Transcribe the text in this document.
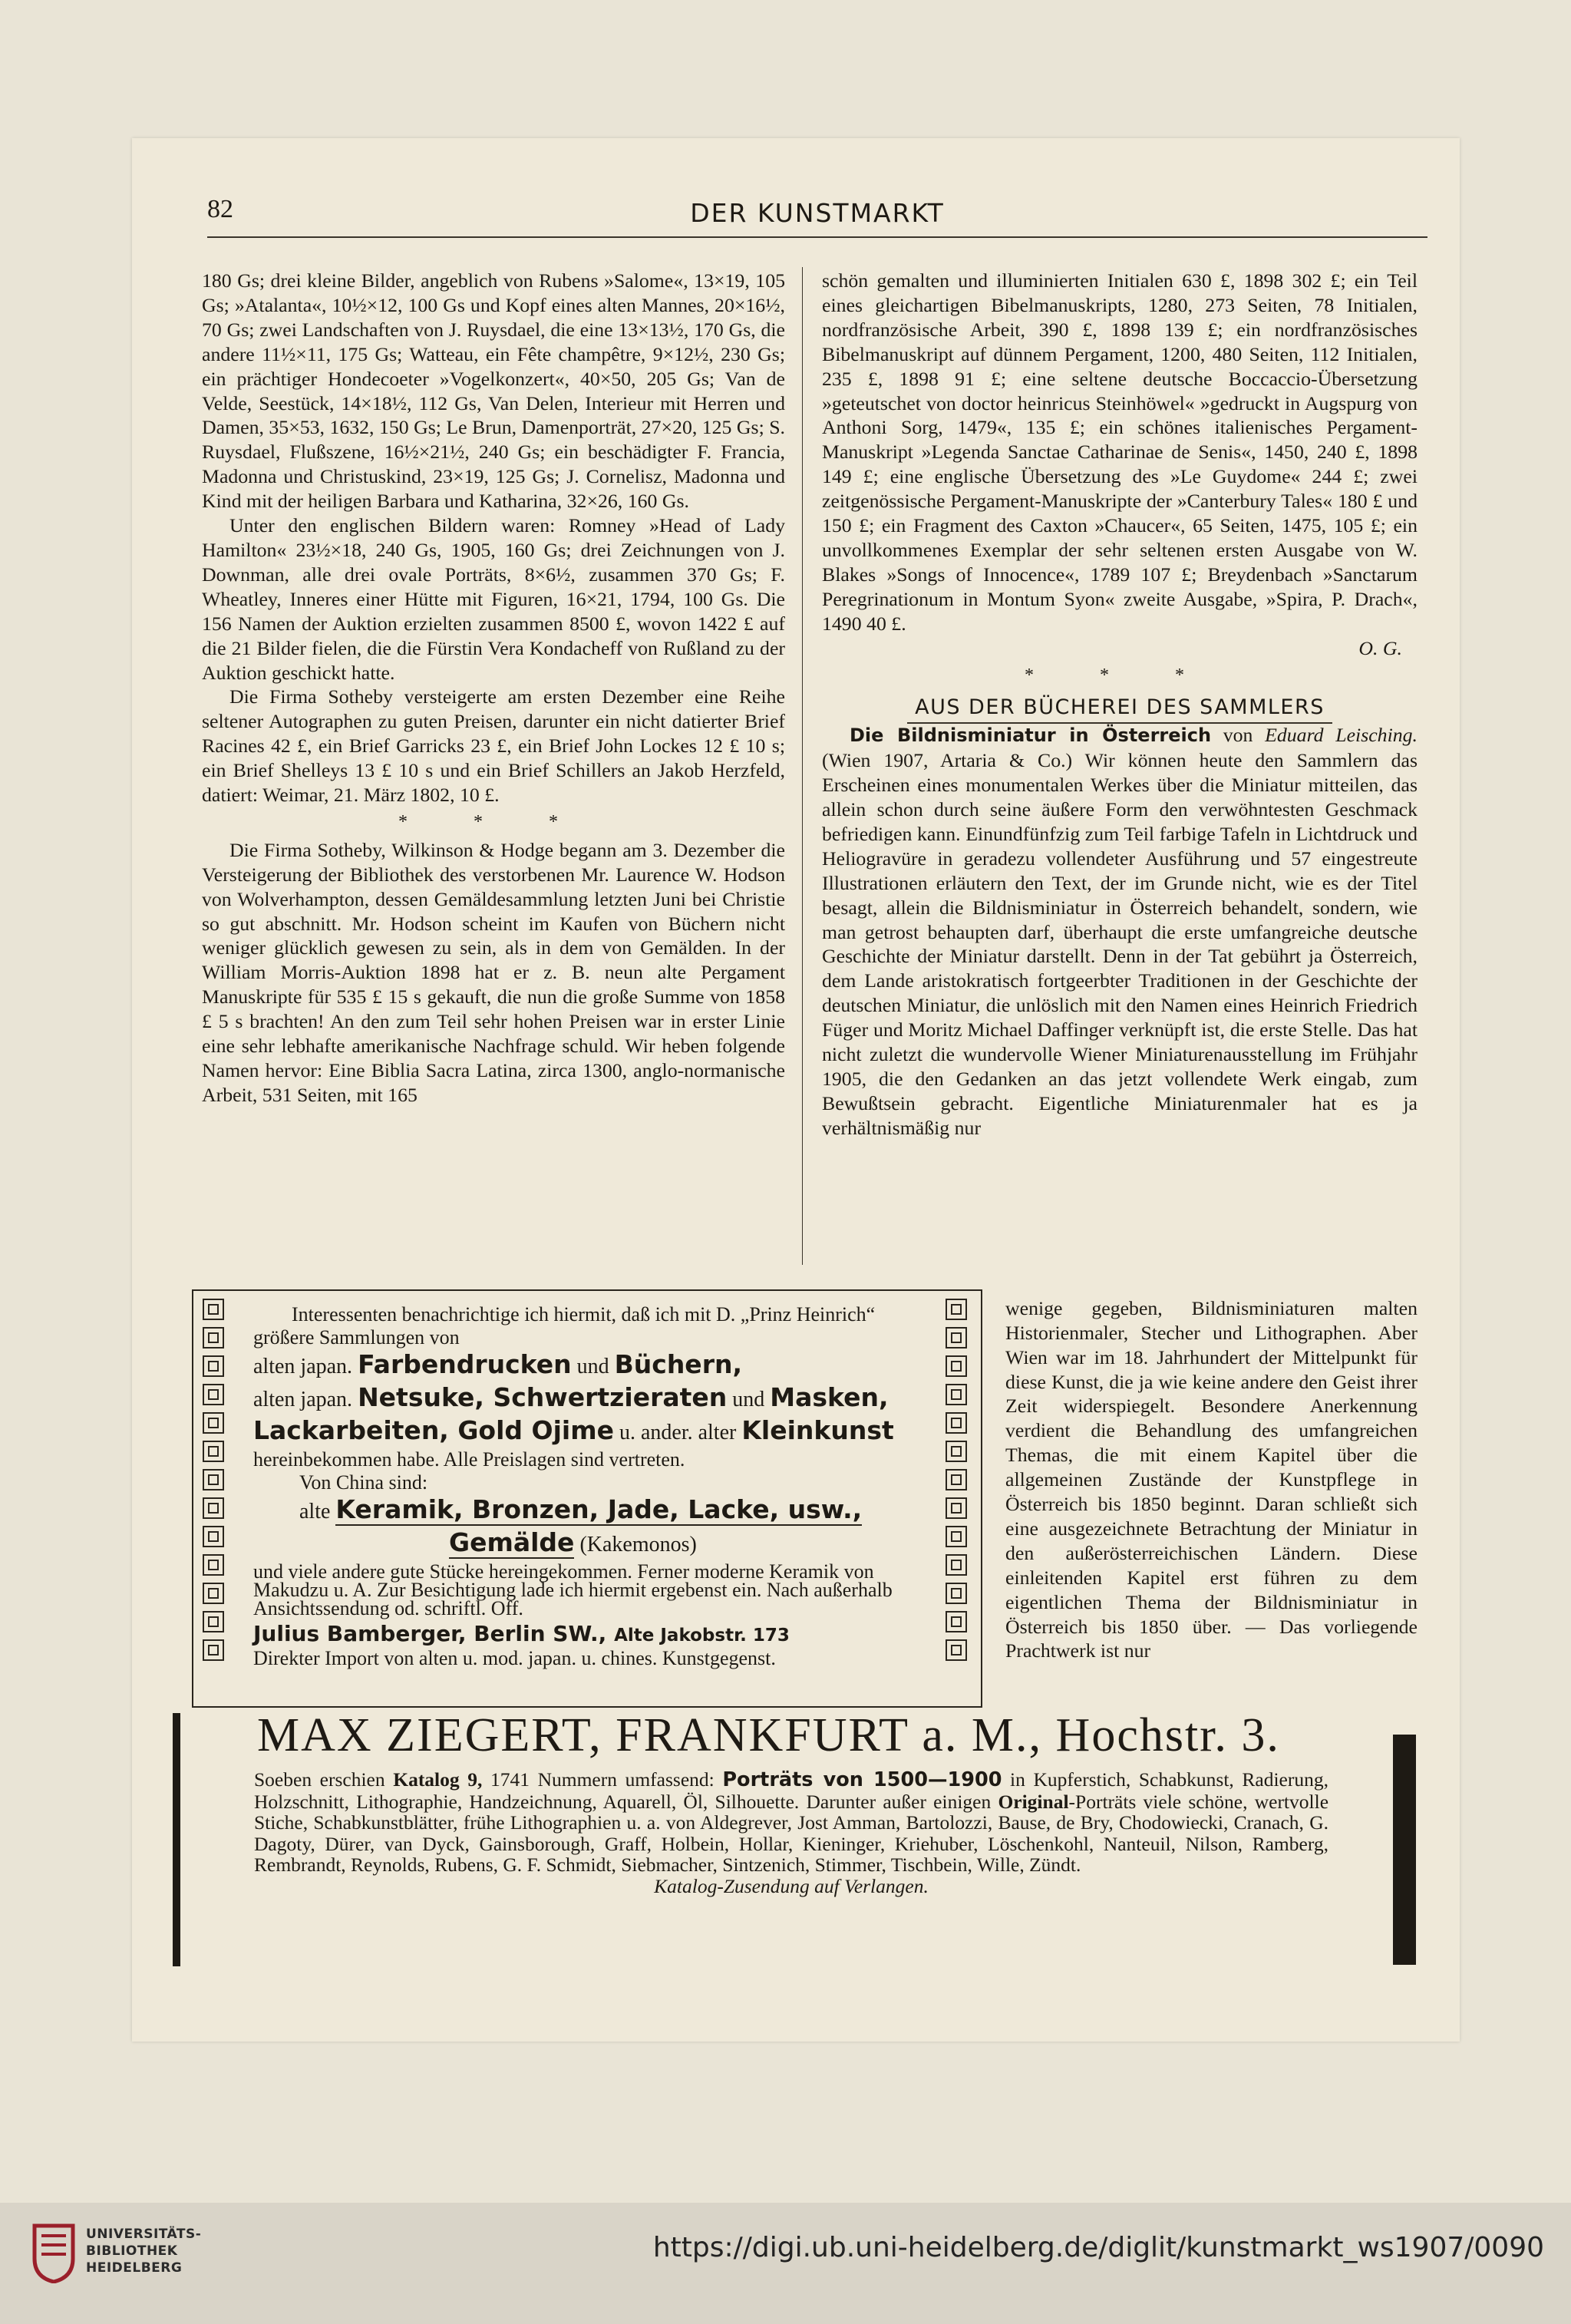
82	DER KUNSTMARKT

180 Gs; drei kleine Bilder, angeblich von Rubens »Salome«, 13×19, 105 Gs; »Atalanta«, 10½×12, 100 Gs und Kopf eines alten Mannes, 20×16½, 70 Gs; zwei Landschaften von J. Ruysdael, die eine 13×13½, 170 Gs, die andere 11½×11, 175 Gs; Watteau, ein Fête champêtre, 9×12½, 230 Gs; ein prächtiger Hondecoeter »Vogelkonzert«, 40×50, 205 Gs; Van de Velde, Seestück, 14×18½, 112 Gs, Van Delen, Interieur mit Herren und Damen, 35×53, 1632, 150 Gs; Le Brun, Damenporträt, 27×20, 125 Gs; S. Ruysdael, Flußszene, 16½×21½, 240 Gs; ein beschädigter F. Francia, Madonna und Christuskind, 23×19, 125 Gs; J. Cornelisz, Madonna und Kind mit der heiligen Barbara und Katharina, 32×26, 160 Gs.

Unter den englischen Bildern waren: Romney »Head of Lady Hamilton« 23½×18, 240 Gs, 1905, 160 Gs; drei Zeichnungen von J. Downman, alle drei ovale Porträts, 8×6½, zusammen 370 Gs; F. Wheatley, Inneres einer Hütte mit Figuren, 16×21, 1794, 100 Gs. Die 156 Namen der Auktion erzielten zusammen 8500 £, wovon 1422 £ auf die 21 Bilder fielen, die die Fürstin Vera Kondacheff von Rußland zu der Auktion geschickt hatte.

Die Firma Sotheby versteigerte am ersten Dezember eine Reihe seltener Autographen zu guten Preisen, darunter ein nicht datierter Brief Racines 42 £, ein Brief Garricks 23 £, ein Brief John Lockes 12 £ 10 s; ein Brief Shelleys 13 £ 10 s und ein Brief Schillers an Jakob Herzfeld, datiert: Weimar, 21. März 1802, 10 £.

* * *

Die Firma Sotheby, Wilkinson & Hodge begann am 3. Dezember die Versteigerung der Bibliothek des verstorbenen Mr. Laurence W. Hodson von Wolverhampton, dessen Gemäldesammlung letzten Juni bei Christie so gut abschnitt. Mr. Hodson scheint im Kaufen von Büchern nicht weniger glücklich gewesen zu sein, als in dem von Gemälden. In der William Morris-Auktion 1898 hat er z. B. neun alte Pergament Manuskripte für 535 £ 15 s gekauft, die nun die große Summe von 1858 £ 5 s brachten! An den zum Teil sehr hohen Preisen war in erster Linie eine sehr lebhafte amerikanische Nachfrage schuld. Wir heben folgende Namen hervor: Eine Biblia Sacra Latina, zirca 1300, anglo-normanische Arbeit, 531 Seiten, mit 165

schön gemalten und illuminierten Initialen 630 £, 1898 302 £; ein Teil eines gleichartigen Bibelmanuskripts, 1280, 273 Seiten, 78 Initialen, nordfranzösische Arbeit, 390 £, 1898 139 £; ein nordfranzösisches Bibelmanuskript auf dünnem Pergament, 1200, 480 Seiten, 112 Initialen, 235 £, 1898 91 £; eine seltene deutsche Boccaccio-Übersetzung »geteutschet von doctor heinricus Steinhöwel« »gedruckt in Augspurg von Anthoni Sorg, 1479«, 135 £; ein schönes italienisches Pergament-Manuskript »Legenda Sanctae Catharinae de Senis«, 1450, 240 £, 1898 149 £; eine englische Übersetzung des »Le Guydome« 244 £; zwei zeitgenössische Pergament-Manuskripte der »Canterbury Tales« 180 £ und 150 £; ein Fragment des Caxton »Chaucer«, 65 Seiten, 1475, 105 £; ein unvollkommenes Exemplar der sehr seltenen ersten Ausgabe von W. Blakes »Songs of Innocence«, 1789 107 £; Breydenbach »Sanctarum Peregrinationum in Montum Syon« zweite Ausgabe, »Spira, P. Drach«, 1490 40 £.

O. G.
* * *
AUS DER BÜCHEREI DES SAMMLERS

Die Bildnisminiatur in Österreich von Eduard Leisching. (Wien 1907, Artaria & Co.) Wir können heute den Sammlern das Erscheinen eines monumentalen Werkes über die Miniatur mitteilen, das allein schon durch seine äußere Form den verwöhntesten Geschmack befriedigen kann. Einundfünfzig zum Teil farbige Tafeln in Lichtdruck und Heliogravüre in geradezu vollendeter Ausführung und 57 eingestreute Illustrationen erläutern den Text, der im Grunde nicht, wie es der Titel besagt, allein die Bildnisminiatur in Österreich behandelt, sondern, wie man getrost behaupten darf, überhaupt die erste umfangreiche deutsche Geschichte der Miniatur darstellt. Denn in der Tat gebührt ja Österreich, dem Lande aristokratisch fortgeerbter Traditionen in der Geschichte der deutschen Miniatur, die unlöslich mit den Namen eines Heinrich Friedrich Füger und Moritz Michael Daffinger verknüpft ist, die erste Stelle. Das hat nicht zuletzt die wundervolle Wiener Miniaturenausstellung im Frühjahr 1905, die den Gedanken an das jetzt vollendete Werk eingab, zum Bewußtsein gebracht. Eigentliche Miniaturenmaler hat es ja verhältnismäßig nur

wenige gegeben, Bildnisminiaturen malten Historienmaler, Stecher und Lithographen. Aber Wien war im 18. Jahrhundert der Mittelpunkt für diese Kunst, die ja wie keine andere den Geist ihrer Zeit widerspiegelt. Besondere Anerkennung verdient die Behandlung des umfangreichen Themas, die mit einem Kapitel über die allgemeinen Zustände der Kunstpflege in Österreich bis 1850 beginnt. Daran schließt sich eine ausgezeichnete Betrachtung der Miniatur in den außerösterreichischen Ländern. Diese einleitenden Kapitel erst führen zu dem eigentlichen Thema der Bildnisminiatur in Österreich bis 1850 über. — Das vorliegende Prachtwerk ist nur

Interessenten benachrichtige ich hiermit, daß ich mit D. „Prinz Heinrich“ größere Sammlungen von
alten japan. Farbendrucken und Büchern,
alten japan. Netsuke, Schwertzieraten und Masken,
Lackarbeiten, Gold Ojime u. ander. alter Kleinkunst
hereinbekommen habe. Alle Preislagen sind vertreten.
Von China sind:
alte Keramik, Bronzen, Jade, Lacke, usw.,
Gemälde (Kakemonos)
und viele andere gute Stücke hereingekommen. Ferner moderne Keramik von Makudzu u. A. Zur Besichtigung lade ich hiermit ergebenst ein. Nach außerhalb Ansichtssendung od. schriftl. Off.
Julius Bamberger, Berlin SW., Alte Jakobstr. 173
Direkter Import von alten u. mod. japan. u. chines. Kunstgegenst.
MAX ZIEGERT, FRANKFURT a. M., Hochstr. 3.
Soeben erschien Katalog 9, 1741 Nummern umfassend: Porträts von 1500—1900 in Kupferstich, Schabkunst, Radierung, Holzschnitt, Lithographie, Handzeichnung, Aquarell, Öl, Silhouette. Darunter außer einigen Original-Porträts viele schöne, wertvolle Stiche, Schabkunstblätter, frühe Lithographien u. a. von Aldegrever, Jost Amman, Bartolozzi, Bause, de Bry, Chodowiecki, Cranach, G. Dagoty, Dürer, van Dyck, Gainsborough, Graff, Holbein, Hollar, Kieninger, Kriehuber, Löschenkohl, Nanteuil, Nilson, Ramberg, Rembrandt, Reynolds, Rubens, G. F. Schmidt, Siebmacher, Sintzenich, Stimmer, Tischbein, Wille, Zündt.
Katalog-Zusendung auf Verlangen.
UNIVERSITÄTS-
BIBLIOTHEK
HEIDELBERG
https://digi.ub.uni-heidelberg.de/diglit/kunstmarkt_ws1907/0090
